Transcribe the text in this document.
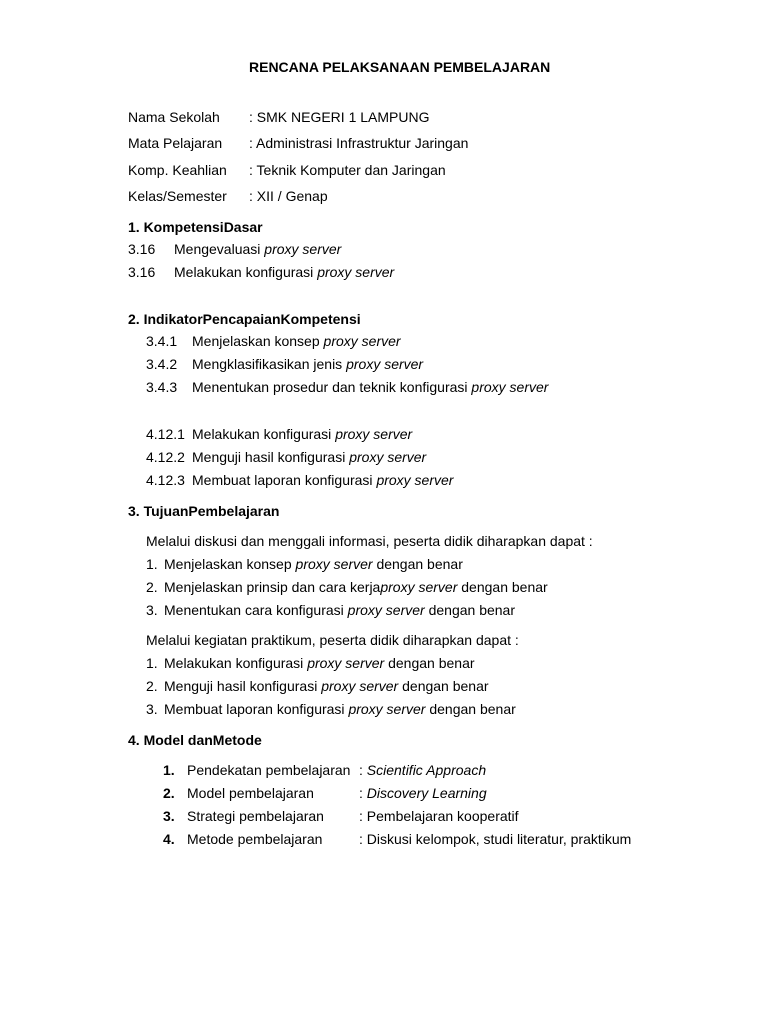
RENCANA PELAKSANAAN PEMBELAJARAN
Nama Sekolah : SMK NEGERI 1 LAMPUNG
Mata Pelajaran : Administrasi Infrastruktur Jaringan
Komp. Keahlian : Teknik Komputer dan Jaringan
Kelas/Semester : XII / Genap
1. KompetensiDasar
3.16 Mengevaluasi proxy server
3.16 Melakukan konfigurasi proxy server
2. IndikatorPencapaianKompetensi
3.4.1 Menjelaskan konsep proxy server
3.4.2 Mengklasifikasikan jenis proxy server
3.4.3 Menentukan prosedur dan teknik konfigurasi proxy server
4.12.1 Melakukan konfigurasi proxy server
4.12.2 Menguji hasil konfigurasi proxy server
4.12.3 Membuat laporan konfigurasi proxy server
3. TujuanPembelajaran
Melalui diskusi dan menggali informasi, peserta didik diharapkan dapat :
1. Menjelaskan konsep proxy server dengan benar
2. Menjelaskan prinsip dan cara kerjaproxy server dengan benar
3. Menentukan cara konfigurasi proxy server dengan benar
Melalui kegiatan praktikum, peserta didik diharapkan dapat :
1. Melakukan konfigurasi proxy server dengan benar
2. Menguji hasil konfigurasi proxy server dengan benar
3. Membuat laporan konfigurasi proxy server dengan benar
4. Model danMetode
1. Pendekatan pembelajaran : Scientific Approach
2. Model pembelajaran	: Discovery Learning
3. Strategi pembelajaran	: Pembelajaran kooperatif
4. Metode pembelajaran	: Diskusi kelompok, studi literatur, praktikum
